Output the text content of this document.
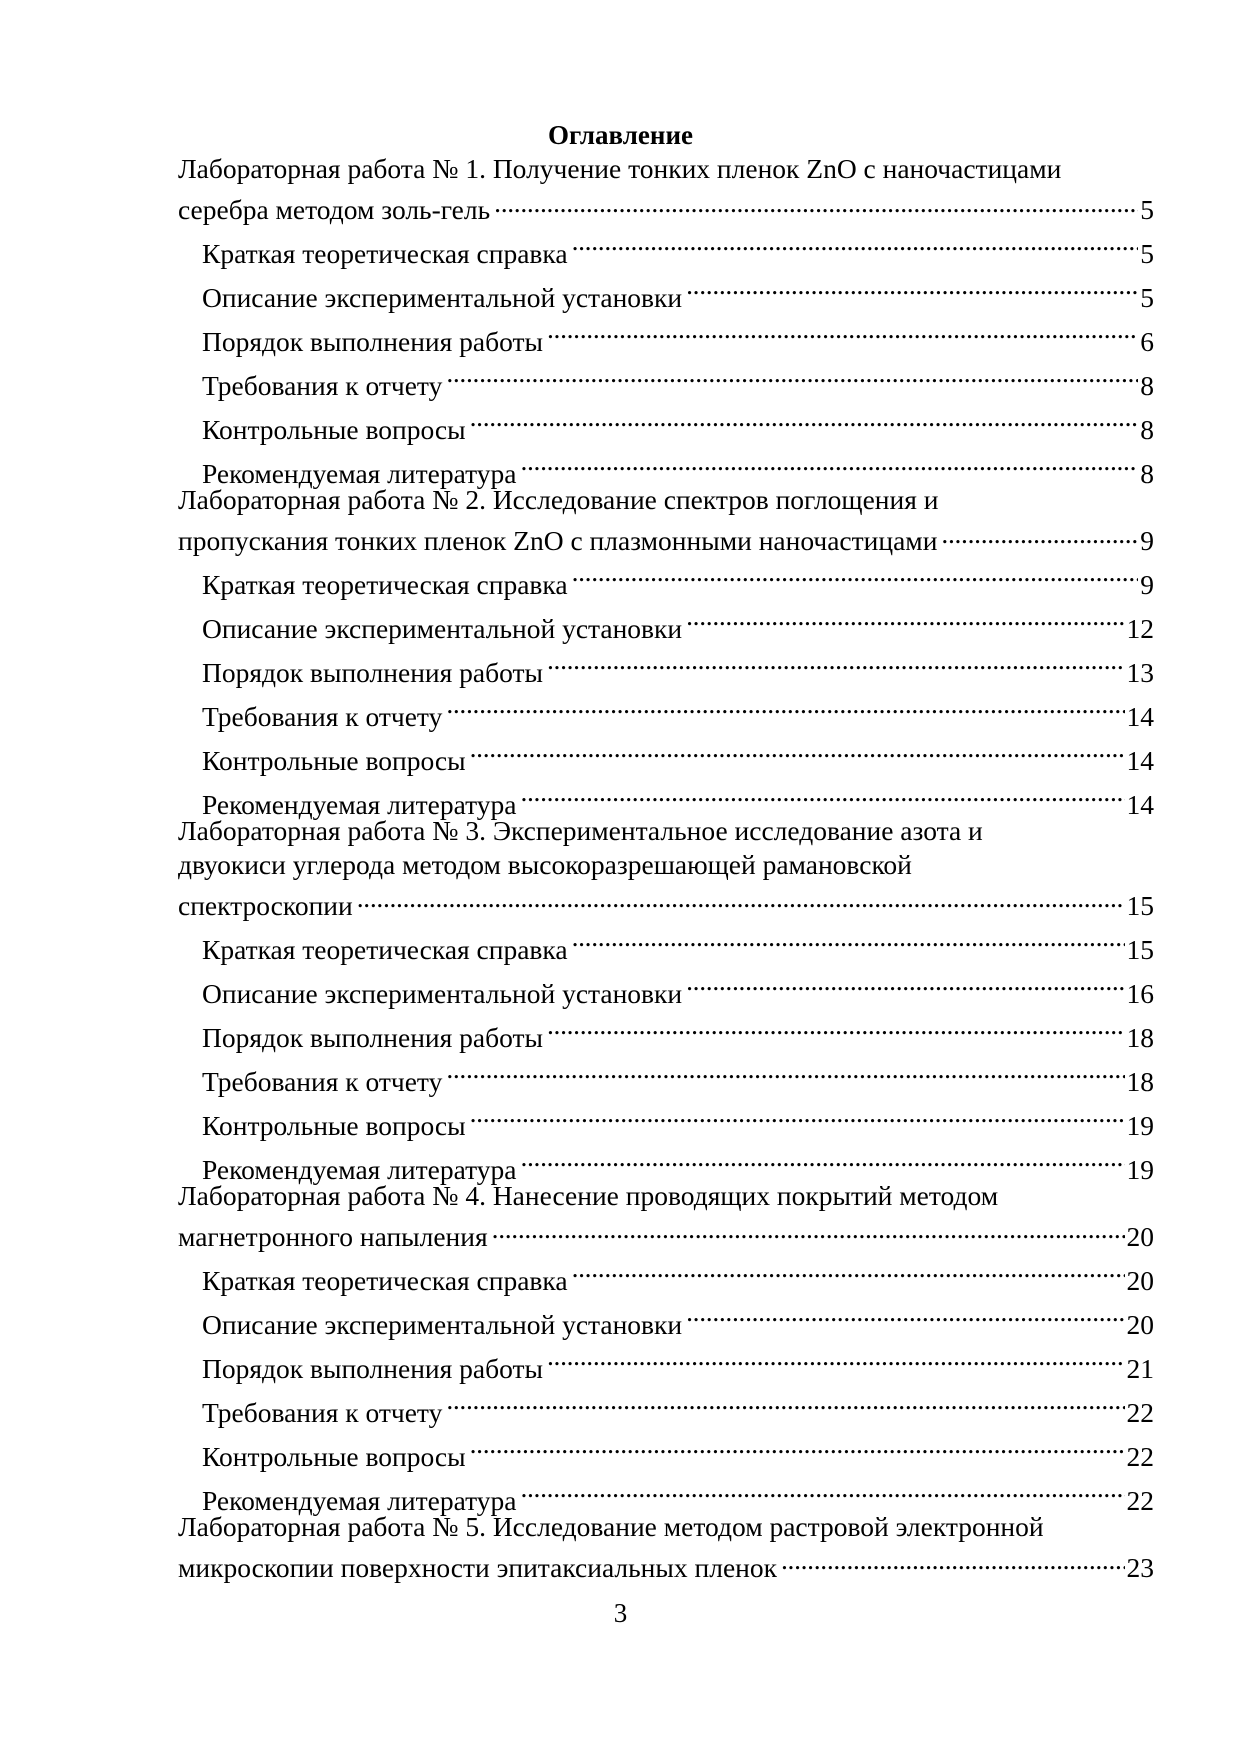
Оглавление
Лабораторная работа № 1. Получение тонких пленок ZnO с наночастицами
серебра методом золь-гель . . .	5
Краткая теоретическая справка . . .	5
Описание экспериментальной установки . . .	5
Порядок выполнения работы . . .	6
Требования к отчету . . .	8
Контрольные вопросы . . .	8
Рекомендуемая литература . . .	8
Лабораторная работа № 2. Исследование спектров поглощения и
пропускания тонких пленок ZnO с плазмонными наночастицами . . .	9
Краткая теоретическая справка . . .	9
Описание экспериментальной установки . . .	12
Порядок выполнения работы . . .	13
Требования к отчету . . .	14
Контрольные вопросы . . .	14
Рекомендуемая литература . . .	14
Лабораторная работа № 3. Экспериментальное исследование азота и
двуокиси углерода методом высокоразрешающей рамановской
спектроскопии . . .	15
Краткая теоретическая справка . . .	15
Описание экспериментальной установки . . .	16
Порядок выполнения работы . . .	18
Требования к отчету . . .	18
Контрольные вопросы . . .	19
Рекомендуемая литература . . .	19
Лабораторная работа № 4. Нанесение проводящих покрытий методом
магнетронного напыления . . .	20
Краткая теоретическая справка . . .	20
Описание экспериментальной установки . . .	20
Порядок выполнения работы . . .	21
Требования к отчету . . .	22
Контрольные вопросы . . .	22
Рекомендуемая литература . . .	22
Лабораторная работа № 5. Исследование методом растровой электронной
микроскопии поверхности эпитаксиальных пленок . . .	23
3
